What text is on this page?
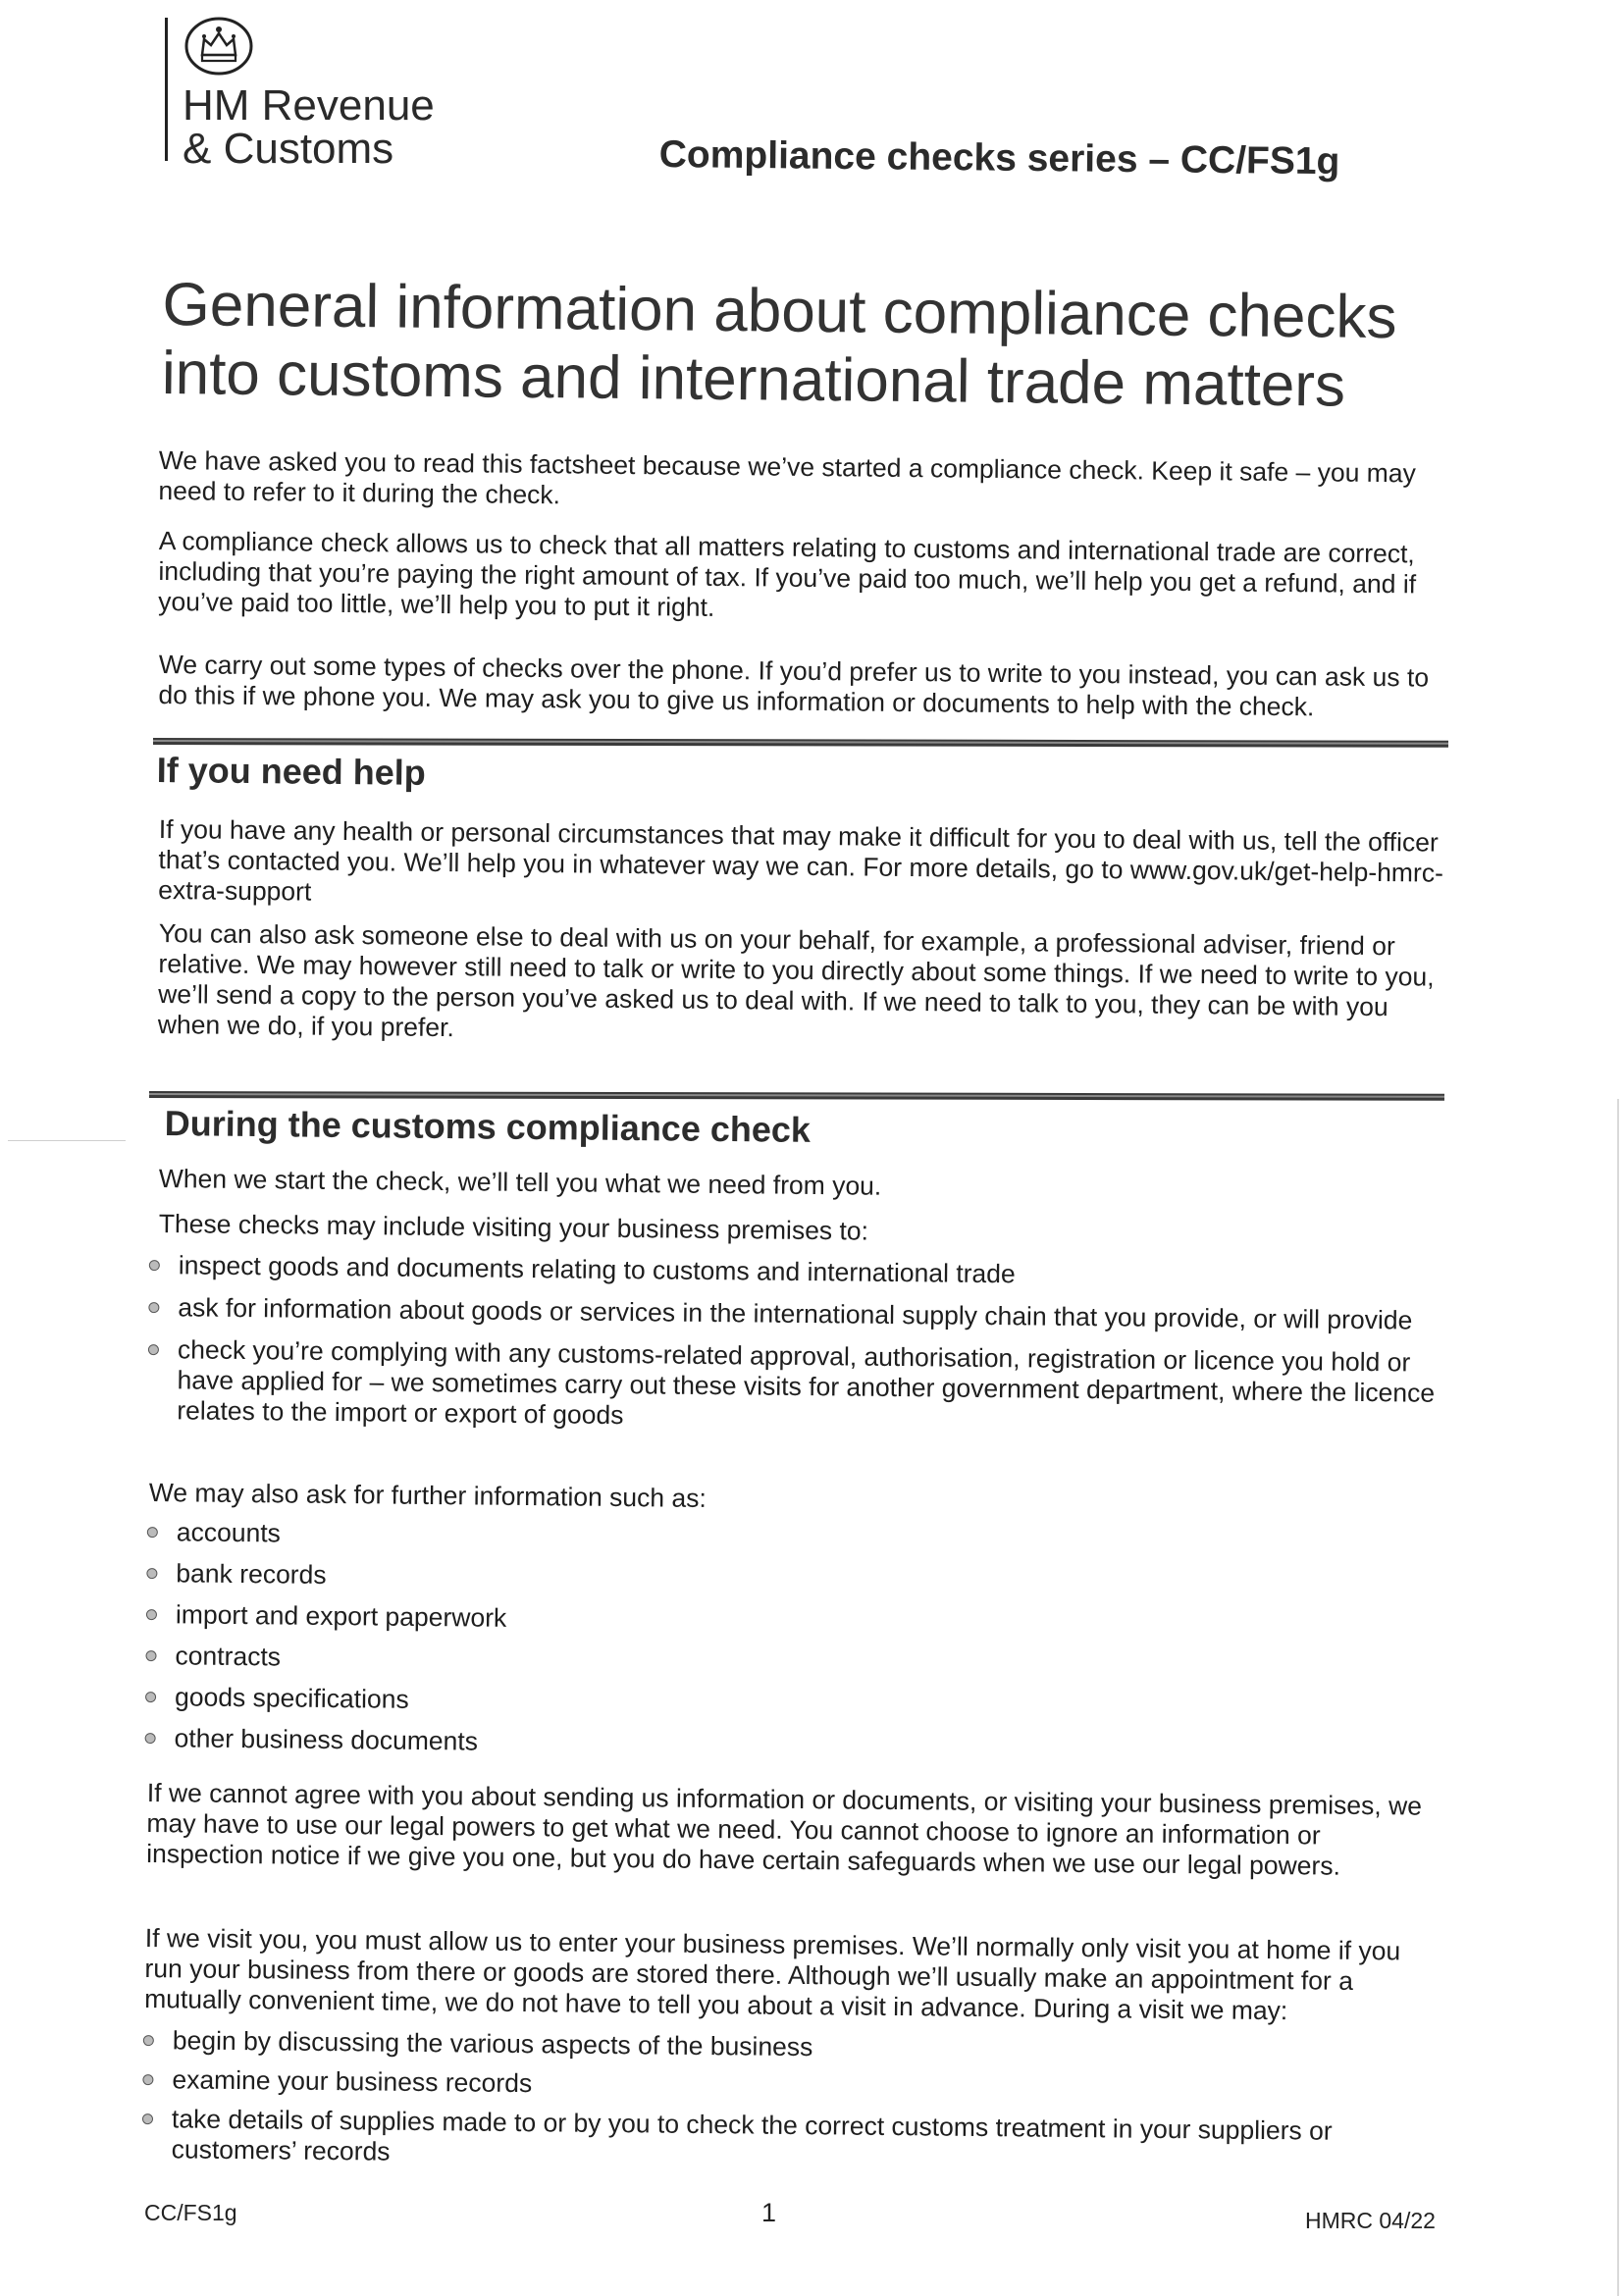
HM Revenue
& Customs	Compliance checks series – CC/FS1g
General information about compliance checks into customs and international trade matters

We have asked you to read this factsheet because we’ve started a compliance check. Keep it safe – you may need to refer to it during the check.

A compliance check allows us to check that all matters relating to customs and international trade are correct, including that you’re paying the right amount of tax. If you’ve paid too much, we’ll help you get a refund, and if you’ve paid too little, we’ll help you to put it right.

We carry out some types of checks over the phone. If you’d prefer us to write to you instead, you can ask us to do this if we phone you. We may ask you to give us information or documents to help with the check.

If you need help

If you have any health or personal circumstances that may make it difficult for you to deal with us, tell the officer that’s contacted you. We’ll help you in whatever way we can. For more details, go to www.gov.uk/get-help-hmrc-extra-support

You can also ask someone else to deal with us on your behalf, for example, a professional adviser, friend or relative. We may however still need to talk or write to you directly about some things. If we need to write to you, we’ll send a copy to the person you’ve asked us to deal with. If we need to talk to you, they can be with you when we do, if you prefer.

During the customs compliance check

When we start the check, we’ll tell you what we need from you.

These checks may include visiting your business premises to:

inspect goods and documents relating to customs and international trade
ask for information about goods or services in the international supply chain that you provide, or will provide
check you’re complying with any customs-related approval, authorisation, registration or licence you hold or have applied for – we sometimes carry out these visits for another government department, where the licence relates to the import or export of goods

We may also ask for further information such as:

accounts
bank records
import and export paperwork
contracts
goods specifications
other business documents

If we cannot agree with you about sending us information or documents, or visiting your business premises, we may have to use our legal powers to get what we need. You cannot choose to ignore an information or inspection notice if we give you one, but you do have certain safeguards when we use our legal powers.

If we visit you, you must allow us to enter your business premises. We’ll normally only visit you at home if you run your business from there or goods are stored there. Although we’ll usually make an appointment for a mutually convenient time, we do not have to tell you about a visit in advance. During a visit we may:

begin by discussing the various aspects of the business
examine your business records
take details of supplies made to or by you to check the correct customs treatment in your suppliers or customers’ records
CC/FS1g	1	HMRC 04/22
